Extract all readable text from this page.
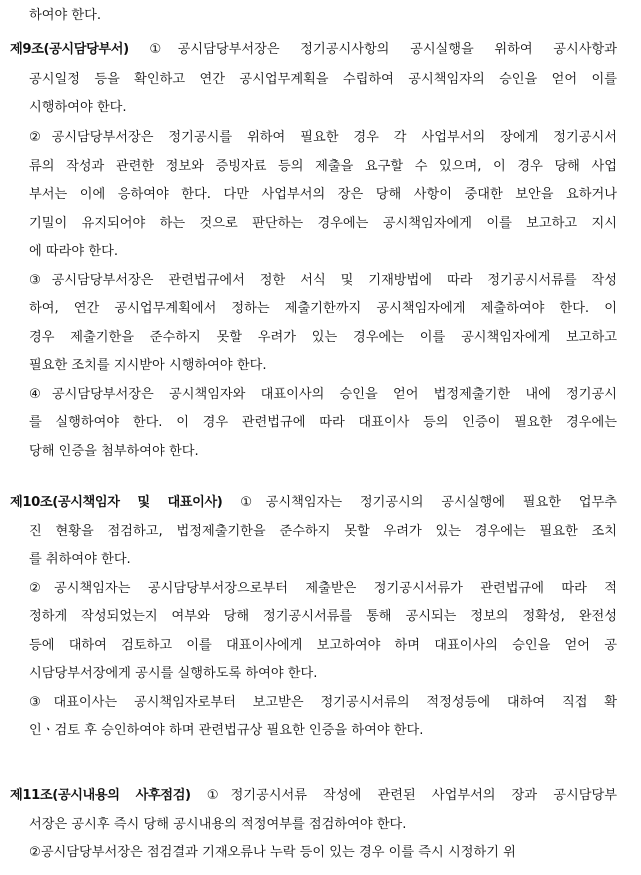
하여야 한다.
제9조(공시담당부서) ①공시담당부서장은 정기공시사항의 공시실행을 위하여 공시사항과
공시일정 등을 확인하고 연간 공시업무계획을 수립하여 공시책임자의 승인을 얻어 이를
시행하여야 한다.
②공시담당부서장은 정기공시를 위하여 필요한 경우 각 사업부서의 장에게 정기공시서
류의 작성과 관련한 정보와 증빙자료 등의 제출을 요구할 수 있으며, 이 경우 당해 사업
부서는 이에 응하여야 한다. 다만 사업부서의 장은 당해 사항이 중대한 보안을 요하거나
기밀이 유지되어야 하는 것으로 판단하는 경우에는 공시책임자에게 이를 보고하고 지시
에 따라야 한다.
③공시담당부서장은 관련법규에서 정한 서식 및 기재방법에 따라 정기공시서류를 작성
하여, 연간 공시업무계획에서 정하는 제출기한까지 공시책임자에게 제출하여야 한다. 이
경우 제출기한을 준수하지 못할 우려가 있는 경우에는 이를 공시책임자에게 보고하고
필요한 조치를 지시받아 시행하여야 한다.
④공시담당부서장은 공시책임자와 대표이사의 승인을 얻어 법정제출기한 내에 정기공시
를 실행하여야 한다. 이 경우 관련법규에 따라 대표이사 등의 인증이 필요한 경우에는
당해 인증을 첨부하여야 한다.
제10조(공시책임자 및 대표이사) ①공시책임자는 정기공시의 공시실행에 필요한 업무추
진 현황을 점검하고, 법정제출기한을 준수하지 못할 우려가 있는 경우에는 필요한 조치
를 취하여야 한다.
②공시책임자는 공시담당부서장으로부터 제출받은 정기공시서류가 관련법규에 따라 적
정하게 작성되었는지 여부와 당해 정기공시서류를 통해 공시되는 정보의 정확성, 완전성
등에 대하여 검토하고 이를 대표이사에게 보고하여야 하며 대표이사의 승인을 얻어 공
시담당부서장에게 공시를 실행하도록 하여야 한다.
③대표이사는 공시책임자로부터 보고받은 정기공시서류의 적정성등에 대하여 직접 확
인ㆍ검토 후 승인하여야 하며 관련법규상 필요한 인증을 하여야 한다.
제11조(공시내용의 사후점검) ①정기공시서류 작성에 관련된 사업부서의 장과 공시담당부
서장은 공시후 즉시 당해 공시내용의 적정여부를 점검하여야 한다.
②공시담당부서장은 점검결과 기재오류나 누락 등이 있는 경우 이를 즉시 시정하기 위
